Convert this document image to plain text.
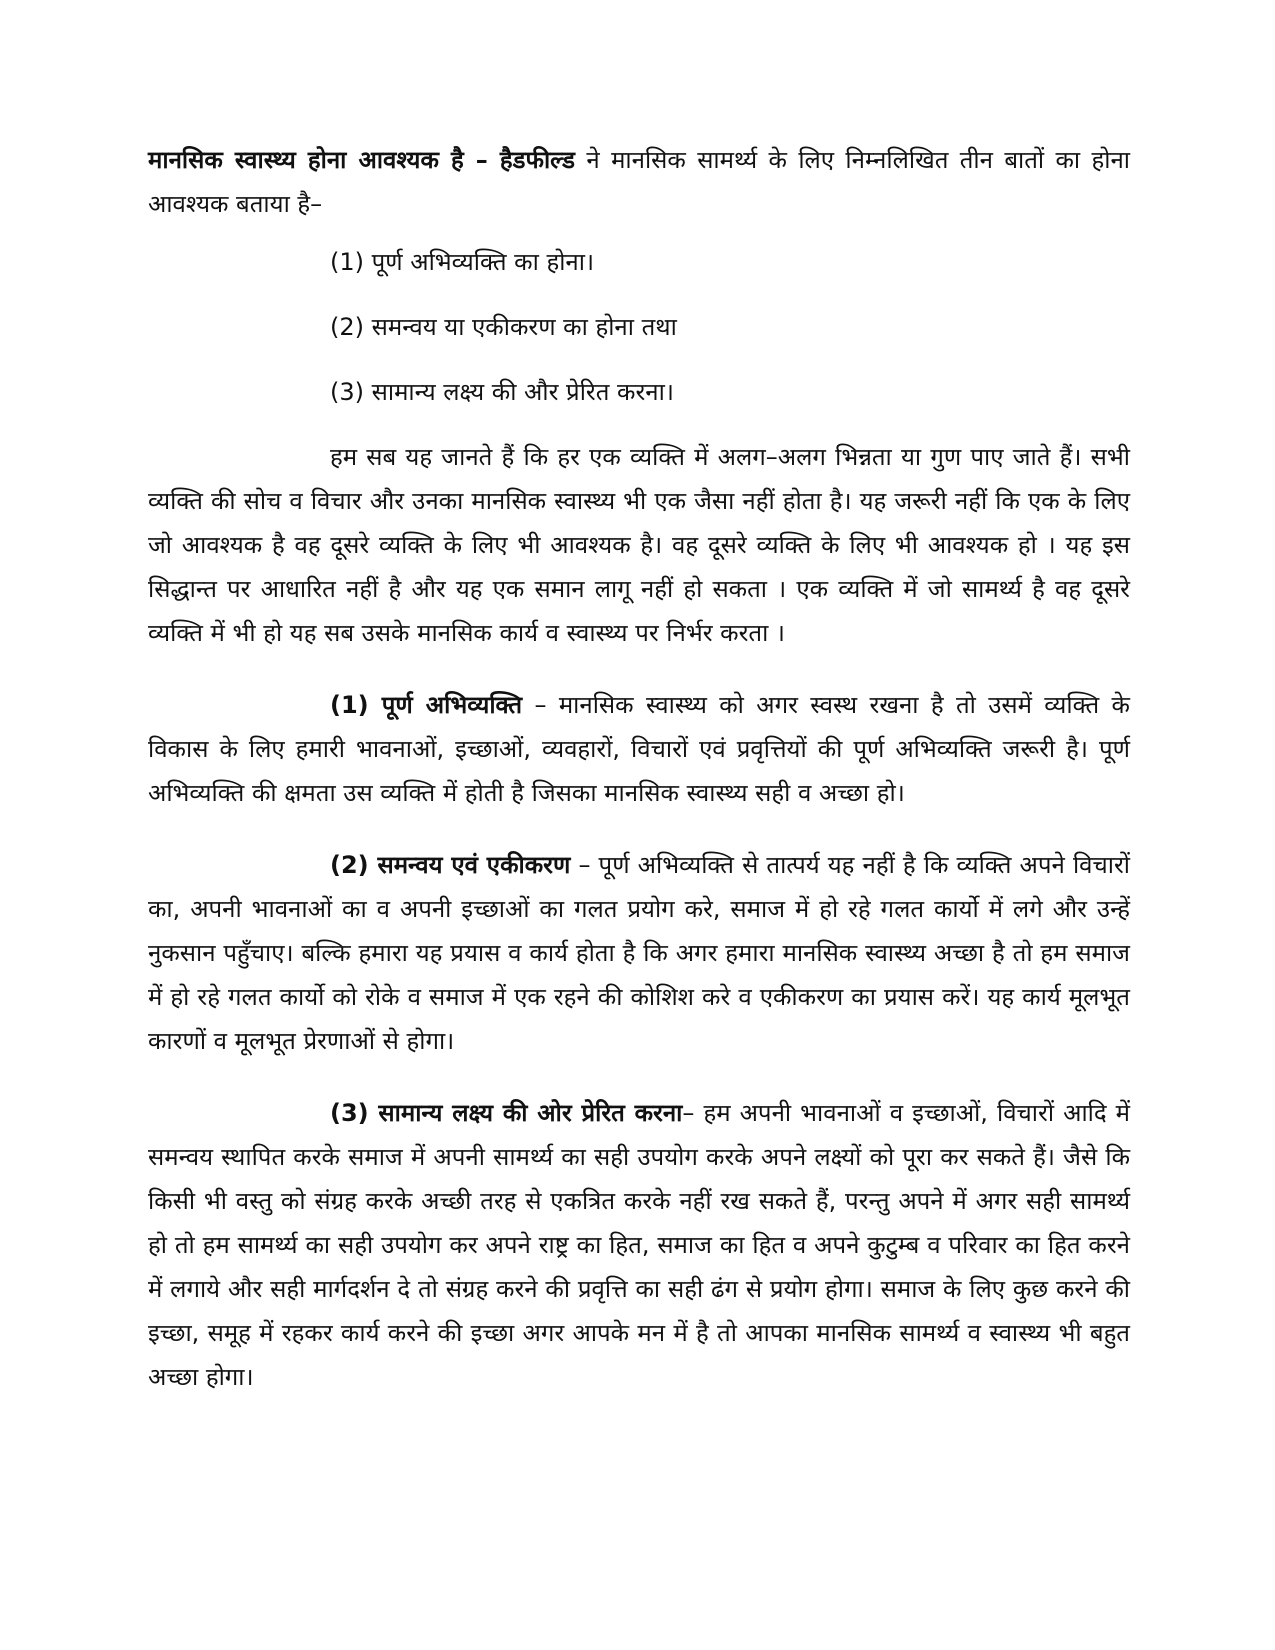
मानसिक स्वास्थ्य होना आवश्यक है – हैडफील्ड ने मानसिक सामर्थ्य के लिए निम्नलिखित तीन बातों का होना आवश्यक बताया है–

(1) पूर्ण अभिव्यक्ति का होना।
(2) समन्वय या एकीकरण का होना तथा
(3) सामान्य लक्ष्य की और प्रेरित करना।

हम सब यह जानते हैं कि हर एक व्यक्ति में अलग–अलग भिन्नता या गुण पाए जाते हैं। सभी व्यक्ति की सोच व विचार और उनका मानसिक स्वास्थ्य भी एक जैसा नहीं होता है। यह जरूरी नहीं कि एक के लिए जो आवश्यक है वह दूसरे व्यक्ति के लिए भी आवश्यक है। वह दूसरे व्यक्ति के लिए भी आवश्यक हो । यह इस सिद्धान्त पर आधारित नहीं है और यह एक समान लागू नहीं हो सकता । एक व्यक्ति में जो सामर्थ्य है वह दूसरे व्यक्ति में भी हो यह सब उसके मानसिक कार्य व स्वास्थ्य पर निर्भर करता ।

(1) पूर्ण अभिव्यक्ति – मानसिक स्वास्थ्य को अगर स्वस्थ रखना है तो उसमें व्यक्ति के विकास के लिए हमारी भावनाओं, इच्छाओं, व्यवहारों, विचारों एवं प्रवृत्तियों की पूर्ण अभिव्यक्ति जरूरी है। पूर्ण अभिव्यक्ति की क्षमता उस व्यक्ति में होती है जिसका मानसिक स्वास्थ्य सही व अच्छा हो।

(2) समन्वय एवं एकीकरण – पूर्ण अभिव्यक्ति से तात्पर्य यह नहीं है कि व्यक्ति अपने विचारों का, अपनी भावनाओं का व अपनी इच्छाओं का गलत प्रयोग करे, समाज में हो रहे गलत कार्यो में लगे और उन्हें नुकसान पहुँचाए। बल्कि हमारा यह प्रयास व कार्य होता है कि अगर हमारा मानसिक स्वास्थ्य अच्छा है तो हम समाज में हो रहे गलत कार्यो को रोके व समाज में एक रहने की कोशिश करे व एकीकरण का प्रयास करें। यह कार्य मूलभूत कारणों व मूलभूत प्रेरणाओं से होगा।

(3) सामान्य लक्ष्य की ओर प्रेरित करना– हम अपनी भावनाओं व इच्छाओं, विचारों आदि में समन्वय स्थापित करके समाज में अपनी सामर्थ्य का सही उपयोग करके अपने लक्ष्यों को पूरा कर सकते हैं। जैसे कि किसी भी वस्तु को संग्रह करके अच्छी तरह से एकत्रित करके नहीं रख सकते हैं, परन्तु अपने में अगर सही सामर्थ्य हो तो हम सामर्थ्य का सही उपयोग कर अपने राष्ट्र का हित, समाज का हित व अपने कुटुम्ब व परिवार का हित करने में लगाये और सही मार्गदर्शन दे तो संग्रह करने की प्रवृत्ति का सही ढंग से प्रयोग होगा। समाज के लिए कुछ करने की इच्छा, समूह में रहकर कार्य करने की इच्छा अगर आपके मन में है तो आपका मानसिक सामर्थ्य व स्वास्थ्य भी बहुत अच्छा होगा।
